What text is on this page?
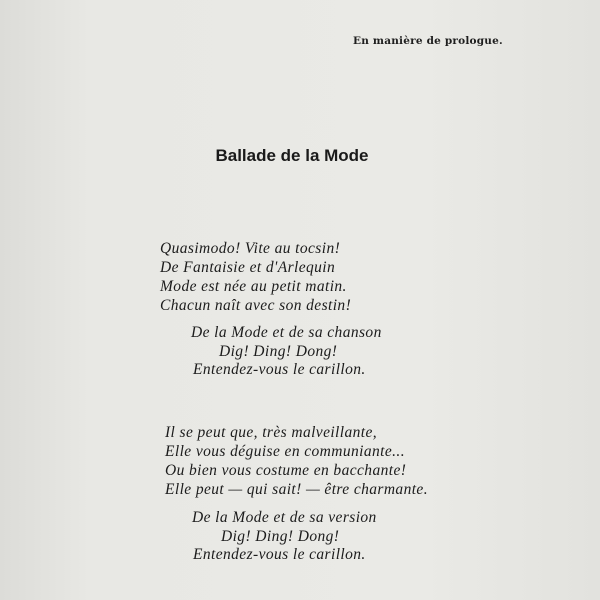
En manière de prologue.
Ballade de la Mode
Quasimodo! Vite au tocsin!
De Fantaisie et d'Arlequin
Mode est née au petit matin.
Chacun naît avec son destin!
De la Mode et de sa chanson
Dig! Ding! Dong!
Entendez-vous le carillon.
Il se peut que, très malveillante,
Elle vous déguise en communiante...
Ou bien vous costume en bacchante!
Elle peut — qui sait! — être charmante.
De la Mode et de sa version
Dig! Ding! Dong!
Entendez-vous le carillon.
